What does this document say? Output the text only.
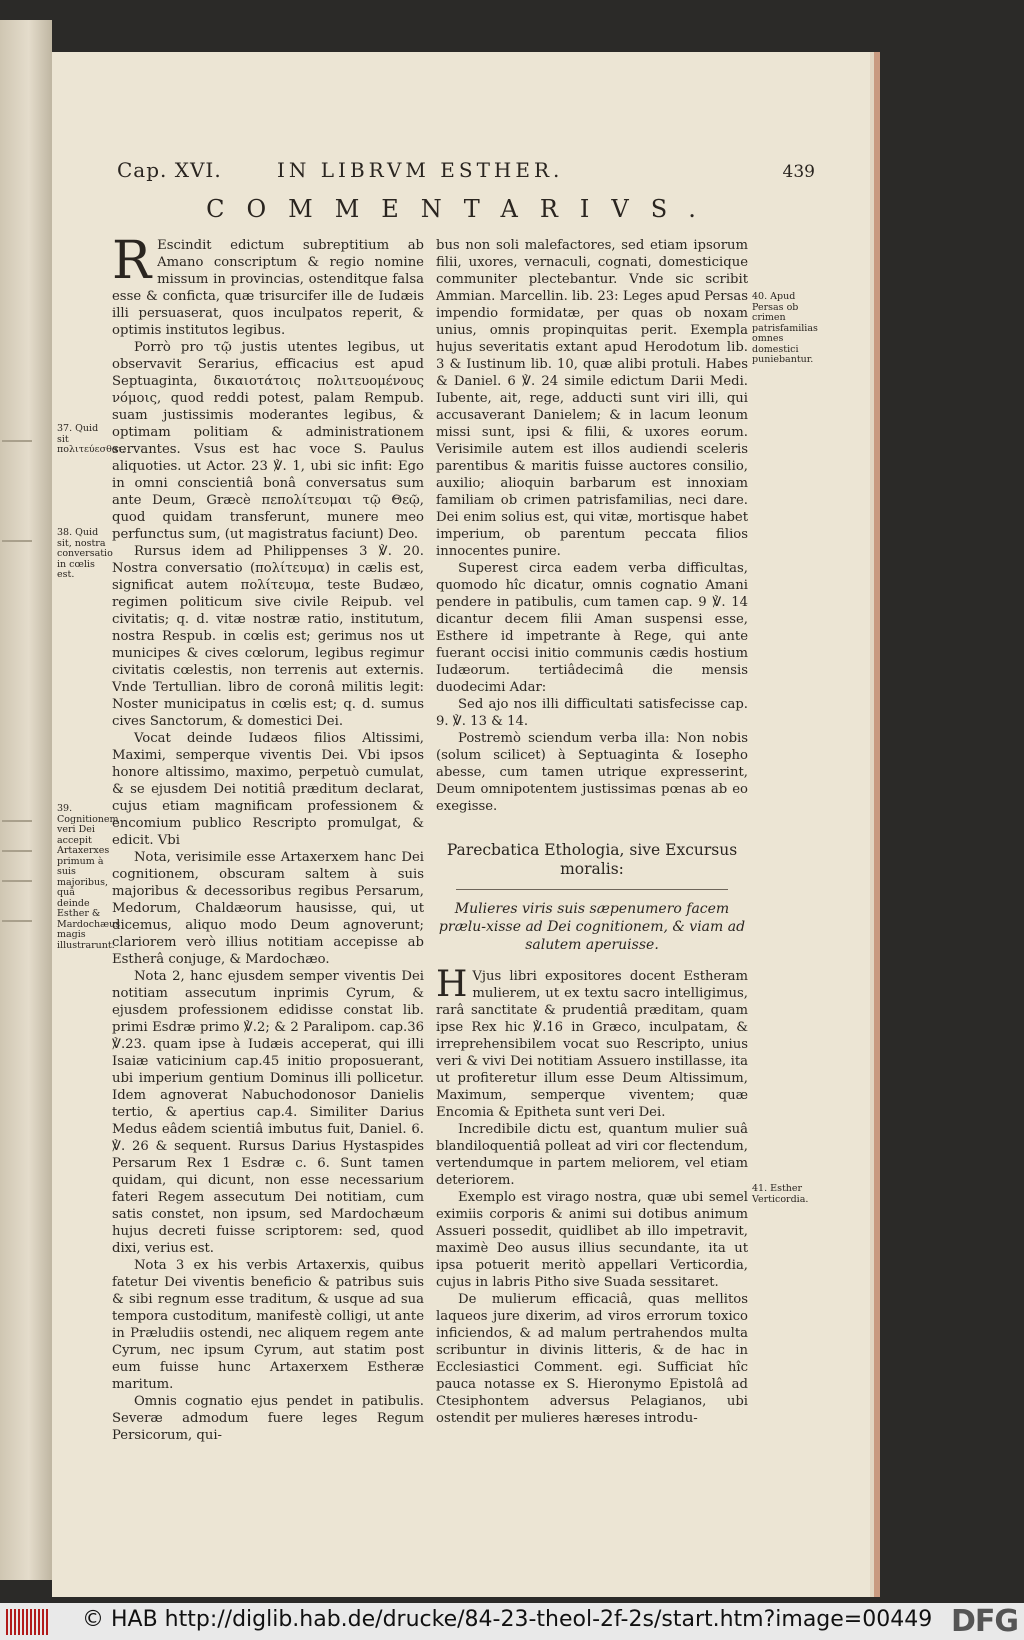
Cap. XVI.	IN LIBRVM ESTHER.	439
COMMENTARIVS.

R Escindit edictum subreptitium ab Amano conscriptum & regio nomine missum in provincias, ostenditque falsa esse & conficta, quæ trisurcifer ille de Iudæis illi persuaserat, quos inculpatos reperit, & optimis institutos legibus.

Porrò pro τῷ justis utentes legibus, ut observavit Serarius, efficacius est apud Septuaginta, δικαιοτάτοις πολιτευομένους νόμοις, quod reddi potest, palam Rempub. suam justissimis moderantes legibus, & optimam politiam & administrationem servantes. Vsus est hac voce S. Paulus aliquoties. ut Actor. 23 ℣. 1, ubi sic infit: Ego in omni conscientiâ bonâ conversatus sum ante Deum, Græcè πεπολίτευμαι τῷ Θεῷ, quod quidam transferunt, munere meo perfunctus sum, (ut magistratus faciunt) Deo.

Rursus idem ad Philippenses 3 ℣. 20. Nostra conversatio (πολίτευμα) in cælis est, significat autem πολίτευμα, teste Budæo, regimen politicum sive civile Reipub. vel civitatis; q. d. vitæ nostræ ratio, institutum, nostra Respub. in cœlis est; gerimus nos ut municipes & cives cœlorum, legibus regimur civitatis cœlestis, non terrenis aut externis. Vnde Tertullian. libro de coronâ militis legit: Noster municipatus in cœlis est; q. d. sumus cives Sanctorum, & domestici Dei.

Vocat deinde Iudæos filios Altissimi, Maximi, semperque viventis Dei. Vbi ipsos honore altissimo, maximo, perpetuò cumulat, & se ejusdem Dei notitiâ præditum declarat, cujus etiam magnificam professionem & encomium publico Rescripto promulgat, & edicit. Vbi

Nota, verisimile esse Artaxerxem hanc Dei cognitionem, obscuram saltem à suis majoribus & decessoribus regibus Persarum, Medorum, Chaldæorum hausisse, qui, ut dicemus, aliquo modo Deum agnoverunt; clariorem verò illius notitiam accepisse ab Estherâ conjuge, & Mardochæo.

Nota 2, hanc ejusdem semper viventis Dei notitiam assecutum inprimis Cyrum, & ejusdem professionem edidisse constat lib. primi Esdræ primo ℣.2; & 2 Paralipom. cap.36 ℣.23. quam ipse à Iudæis acceperat, qui illi Isaiæ vaticinium cap.45 initio proposuerant, ubi imperium gentium Dominus illi pollicetur. Idem agnoverat Nabuchodonosor Danielis tertio, & apertius cap.4. Similiter Darius Medus eâdem scientiâ imbutus fuit, Daniel. 6. ℣. 26 & sequent. Rursus Darius Hystaspides Persarum Rex 1 Esdræ c. 6. Sunt tamen quidam, qui dicunt, non esse necessarium fateri Regem assecutum Dei notitiam, cum satis constet, non ipsum, sed Mardochæum hujus decreti fuisse scriptorem: sed, quod dixi, verius est.

Nota 3 ex his verbis Artaxerxis, quibus fatetur Dei viventis beneficio & patribus suis & sibi regnum esse traditum, & usque ad sua tempora custoditum, manifestè colligi, ut ante in Præludiis ostendi, nec aliquem regem ante Cyrum, nec ipsum Cyrum, aut statim post eum fuisse hunc Artaxerxem Estheræ maritum.

Omnis cognatio ejus pendet in patibulis. Severæ admodum fuere leges Regum Persicorum, qui-

bus non soli malefactores, sed etiam ipsorum filii, uxores, vernaculi, cognati, domesticique communiter plectebantur. Vnde sic scribit Ammian. Marcellin. lib. 23: Leges apud Persas impendio formidatæ, per quas ob noxam unius, omnis propinquitas perit. Exempla hujus severitatis extant apud Herodotum lib. 3 & Iustinum lib. 10, quæ alibi protuli. Habes & Daniel. 6 ℣. 24 simile edictum Darii Medi. Iubente, ait, rege, adducti sunt viri illi, qui accusaverant Danielem; & in lacum leonum missi sunt, ipsi & filii, & uxores eorum. Verisimile autem est illos audiendi sceleris parentibus & maritis fuisse auctores consilio, auxilio; alioquin barbarum est innoxiam familiam ob crimen patrisfamilias, neci dare. Dei enim solius est, qui vitæ, mortisque habet imperium, ob parentum peccata filios innocentes punire.

Superest circa eadem verba difficultas, quomodo hîc dicatur, omnis cognatio Amani pendere in patibulis, cum tamen cap. 9 ℣. 14 dicantur decem filii Aman suspensi esse, Esthere id impetrante à Rege, qui ante fuerant occisi initio communis cædis hostium Iudæorum. tertiâdecimâ die mensis duodecimi Adar:

Sed ajo nos illi difficultati satisfecisse cap. 9. ℣. 13 & 14.

Postremò sciendum verba illa: Non nobis (solum scilicet) à Septuaginta & Iosepho abesse, cum tamen utrique expresserint, Deum omnipotentem justissimas pœnas ab eo exegisse.

Parecbatica Ethologia, sive Excursus moralis:
Mulieres viris suis sæpenumero facem prælu-xisse ad Dei cognitionem, & viam ad salutem aperuisse.

H Vjus libri expositores docent Estheram mulierem, ut ex textu sacro intelligimus, rarâ sanctitate & prudentiâ præditam, quam ipse Rex hic ℣.16 in Græco, inculpatam, & irreprehensibilem vocat suo Rescripto, unius veri & vivi Dei notitiam Assuero instillasse, ita ut profiteretur illum esse Deum Altissimum, Maximum, semperque viventem; quæ Encomia & Epitheta sunt veri Dei.

Incredibile dictu est, quantum mulier suâ blandiloquentiâ polleat ad viri cor flectendum, vertendumque in partem meliorem, vel etiam deteriorem.

Exemplo est virago nostra, quæ ubi semel eximiis corporis & animi sui dotibus animum Assueri possedit, quidlibet ab illo impetravit, maximè Deo ausus illius secundante, ita ut ipsa potuerit meritò appellari Verticordia, cujus in labris Pitho sive Suada sessitaret.

De mulierum efficaciâ, quas mellitos laqueos jure dixerim, ad viros errorum toxico inficiendos, & ad malum pertrahendos multa scribuntur in divinis litteris, & de hac in Ecclesiastici Comment. egi. Sufficiat hîc pauca notasse ex S. Hieronymo Epistolâ ad Ctesiphontem adversus Pelagianos, ubi ostendit per mulieres hæreses introdu-

37. Quid sit πολιτεύεσθαι.
38. Quid sit, nostra conversatio in cœlis est.
39. Cognitionem veri Dei accepit Artaxerxes primum à suis majoribus, quâ deinde Esther & Mardochæus magis illustrarunt.
40. Apud Persas ob crimen patrisfamilias omnes domestici puniebantur.
41. Esther Verticordia.
© HAB http://diglib.hab.de/drucke/84-23-theol-2f-2s/start.htm?image=00449 DFG
